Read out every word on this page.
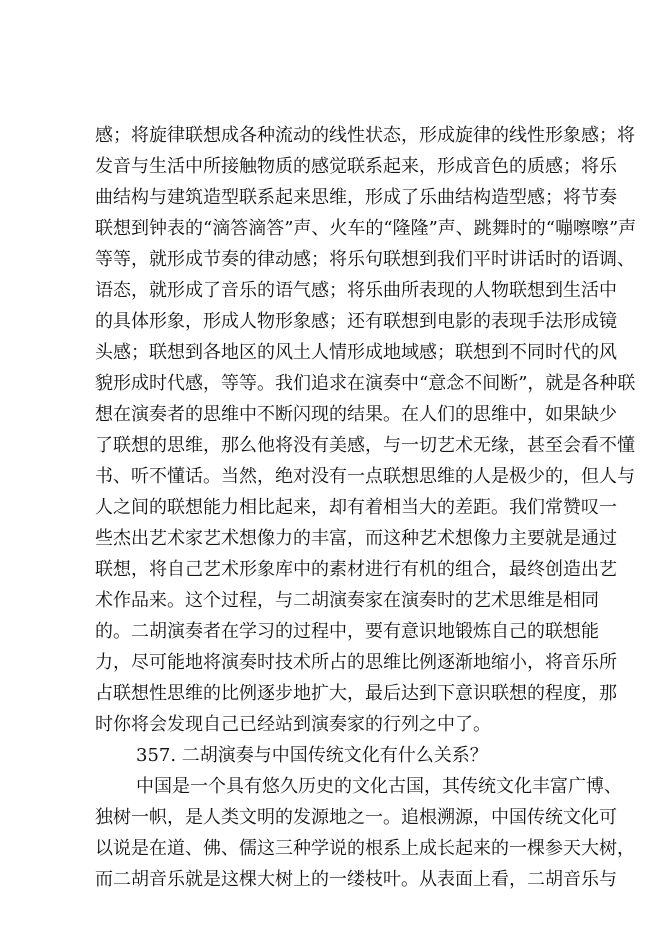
感；将旋律联想成各种流动的线性状态，形成旋律的线性形象感；将
发音与生活中所接触物质的感觉联系起来，形成音色的质感；将乐
曲结构与建筑造型联系起来思维，形成了乐曲结构造型感；将节奏
联想到钟表的“滴答滴答”声、火车的“隆隆”声、跳舞时的“嘣嚓嚓”声
等等，就形成节奏的律动感；将乐句联想到我们平时讲话时的语调、
语态，就形成了音乐的语气感；将乐曲所表现的人物联想到生活中
的具体形象，形成人物形象感；还有联想到电影的表现手法形成镜
头感；联想到各地区的风土人情形成地域感；联想到不同时代的风
貌形成时代感，等等。我们追求在演奏中“意念不间断”，就是各种联
想在演奏者的思维中不断闪现的结果。在人们的思维中，如果缺少
了联想的思维，那么他将没有美感，与一切艺术无缘，甚至会看不懂
书、听不懂话。当然，绝对没有一点联想思维的人是极少的，但人与
人之间的联想能力相比起来，却有着相当大的差距。我们常赞叹一
些杰出艺术家艺术想像力的丰富，而这种艺术想像力主要就是通过
联想，将自己艺术形象库中的素材进行有机的组合，最终创造出艺
术作品来。这个过程，与二胡演奏家在演奏时的艺术思维是相同
的。二胡演奏者在学习的过程中，要有意识地锻炼自己的联想能
力，尽可能地将演奏时技术所占的思维比例逐渐地缩小，将音乐所
占联想性思维的比例逐步地扩大，最后达到下意识联想的程度，那
时你将会发现自己已经站到演奏家的行列之中了。
357. 二胡演奏与中国传统文化有什么关系？
中国是一个具有悠久历史的文化古国，其传统文化丰富广博、
独树一帜，是人类文明的发源地之一。追根溯源，中国传统文化可
以说是在道、佛、儒这三种学说的根系上成长起来的一棵参天大树，
而二胡音乐就是这棵大树上的一缕枝叶。从表面上看，二胡音乐与
